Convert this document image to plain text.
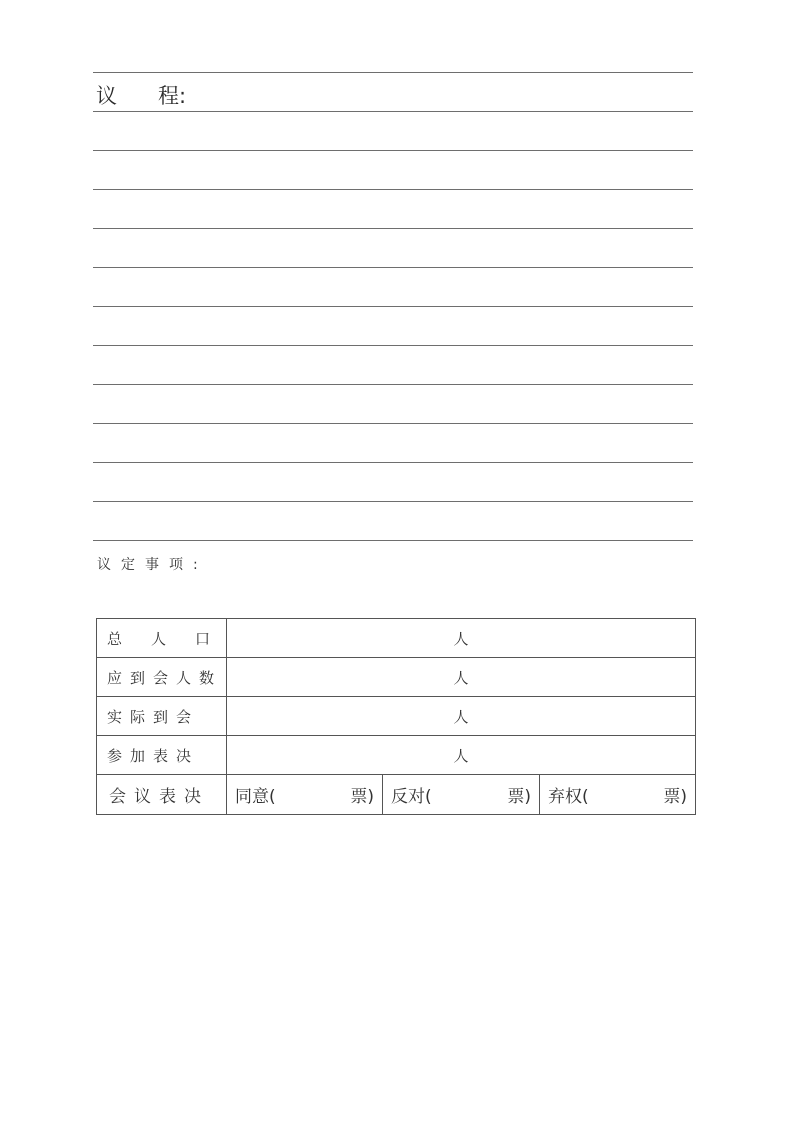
议 程:
议定事项:
总 人 口	人		
应到会人数	人		
实际到会	人		
参加表决	人		
会议表决	同意( 票)	反对( 票)	弃权( 票)
